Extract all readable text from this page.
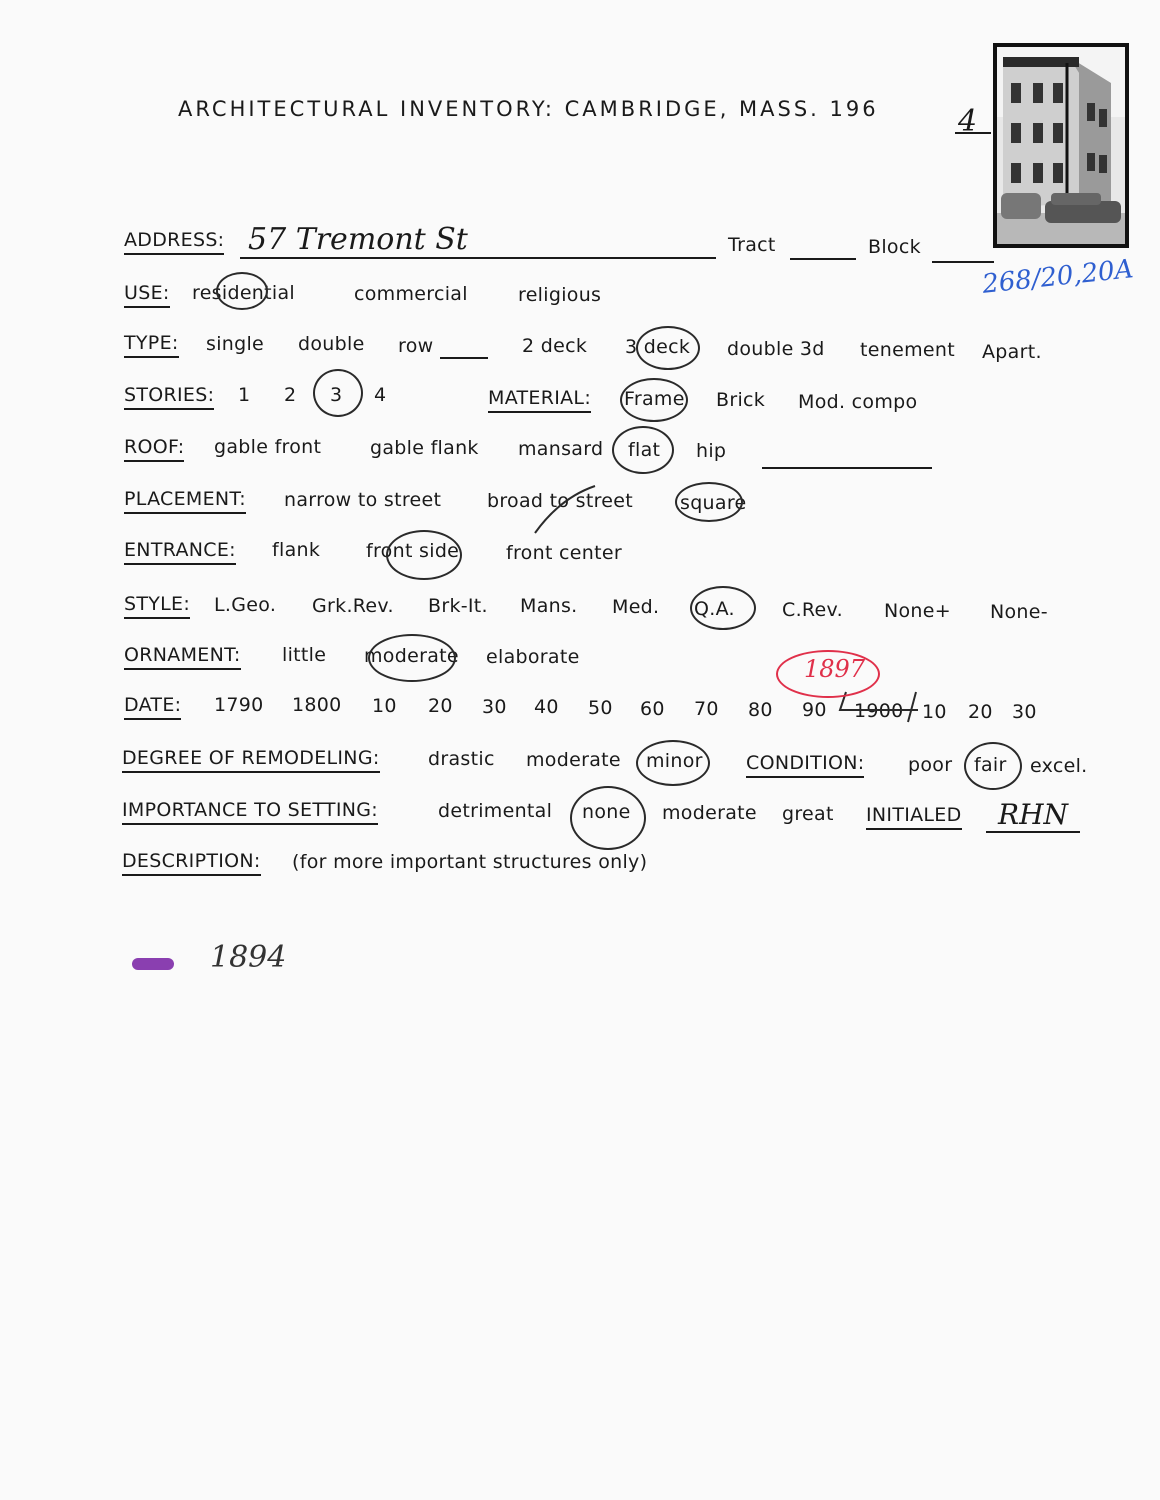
ARCHITECTURAL INVENTORY: CAMBRIDGE, MASS. 196	4
ADDRESS: 57 Tremont St	Tract	Block
268/20,20A
USE: residential	commercial	religious
TYPE: single double row	2 deck 3 deck double 3d tenement Apart.
STORIES: 1 2 3 4	MATERIAL: Frame Brick Mod. compo
ROOF: gable front	gable flank mansard flat hip
PLACEMENT: narrow to street broad to street square
ENTRANCE: flank front side front center
STYLE: L.Geo. Grk.Rev. Brk-It. Mans. Med. Q.A. C.Rev. None+ None-
ORNAMENT: little moderate elaborate
DATE: 1790 1800 10 20 30 40 50 60 70 80 90 1900 10 20 30
1897
DEGREE OF REMODELING:	drastic moderate minor CONDITION: poor fair excel.
IMPORTANCE TO SETTING:	detrimental none moderate great INITIALED RHN
DESCRIPTION: (for more important structures only)
1894
